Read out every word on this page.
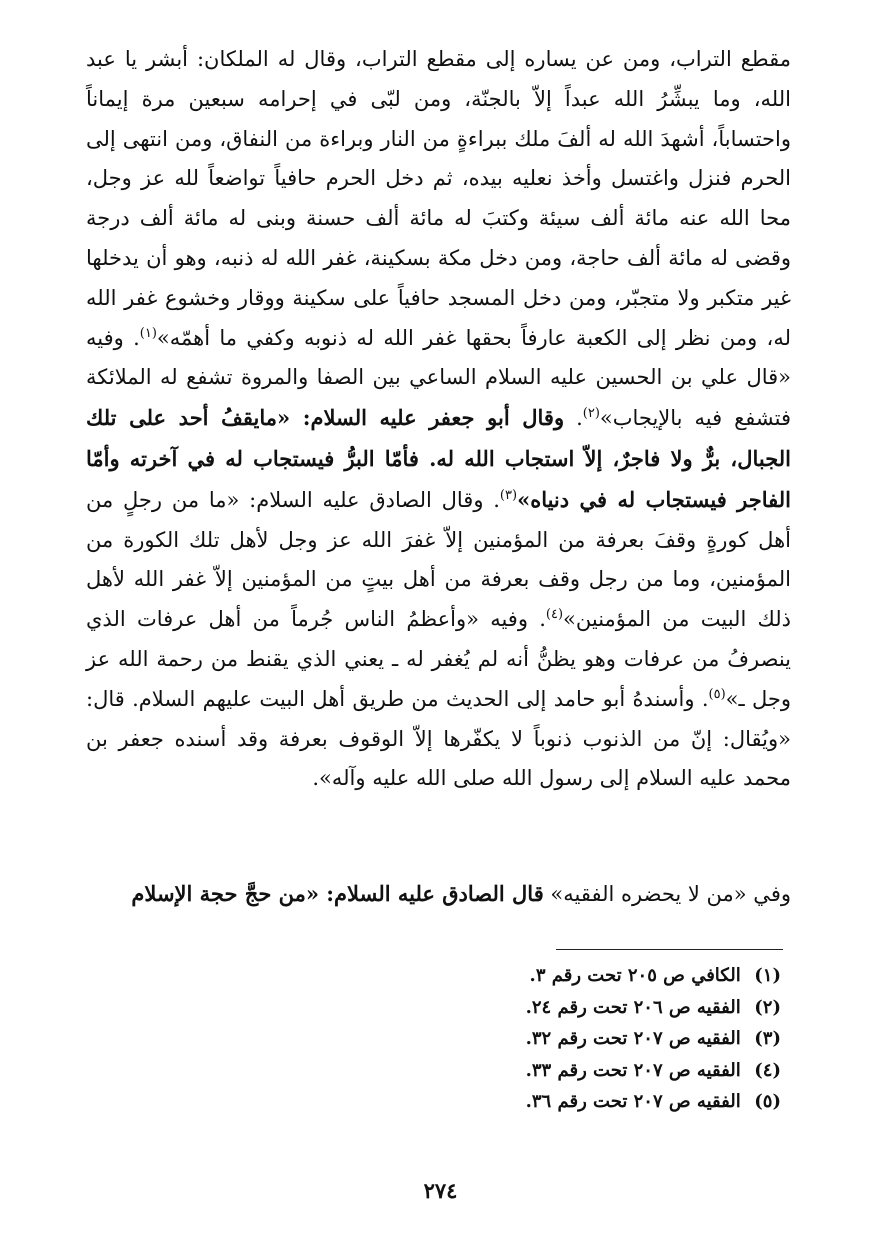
مقطع التراب، ومن عن يساره إلى مقطع التراب، وقال له الملكان: أبشر يا عبد الله، وما يبشِّرُ الله عبداً إلاّ بالجنّة، ومن لبّى في إحرامه سبعين مرة إيماناً واحتساباً، أشهدَ الله له ألفَ ملك ببراءةٍ من النار وبراءة من النفاق، ومن انتهى إلى الحرم فنزل واغتسل وأخذ نعليه بيده، ثم دخل الحرم حافياً تواضعاً لله عز وجل، محا الله عنه مائة ألف سيئة وكتبَ له مائة ألف حسنة وبنى له مائة ألف درجة وقضى له مائة ألف حاجة، ومن دخل مكة بسكينة، غفر الله له ذنبه، وهو أن يدخلها غير متكبر ولا متجبّر، ومن دخل المسجد حافياً على سكينة ووقار وخشوع غفر الله له، ومن نظر إلى الكعبة عارفاً بحقها غفر الله له ذنوبه وكفي ما أهمّه»$^{(١)}$. وفيه «قال علي بن الحسين عليه السلام الساعي بين الصفا والمروة تشفع له الملائكة فتشفع فيه بالإيجاب»$^{(٢)}$. وقال أبو جعفر عليه السلام: «مايقفُ أحد على تلك الجبال، برٌّ ولا فاجرٌ، إلاّ استجاب الله له. فأمّا البرُّ فيستجاب له في آخرته وأمّا الفاجر فيستجاب له في دنياه»$^{(٣)}$. وقال الصادق عليه السلام: «ما من رجلٍ من أهل كورةٍ وقفَ بعرفة من المؤمنين إلاّ غفرَ الله عز وجل لأهل تلك الكورة من المؤمنين، وما من رجل وقف بعرفة من أهل بيتٍ من المؤمنين إلاّ غفر الله لأهل ذلك البيت من المؤمنين»$^{(٤)}$. وفيه «وأعظمُ الناس جُرماً من أهل عرفات الذي ينصرفُ من عرفات وهو يظنُّ أنه لم يُغفر له ـ يعني الذي يقنط من رحمة الله عز وجل ـ»$^{(٥)}$. وأسندهُ أبو حامد إلى الحديث من طريق أهل البيت عليهم السلام. قال: «ويُقال: إنّ من الذنوب ذنوباً لا يكفّرها إلاّ الوقوف بعرفة وقد أسنده جعفر بن محمد عليه السلام إلى رسول الله صلى الله عليه وآله».

وفي «من لا يحضره الفقيه» قال الصادق عليه السلام: «من حجَّ حجة الإسلام

(١) الكافي ص ٢٠٥ تحت رقم ٣.
(٢) الفقيه ص ٢٠٦ تحت رقم ٢٤.
(٣) الفقيه ص ٢٠٧ تحت رقم ٣٢.
(٤) الفقيه ص ٢٠٧ تحت رقم ٣٣.
(٥) الفقيه ص ٢٠٧ تحت رقم ٣٦.
٢٧٤
